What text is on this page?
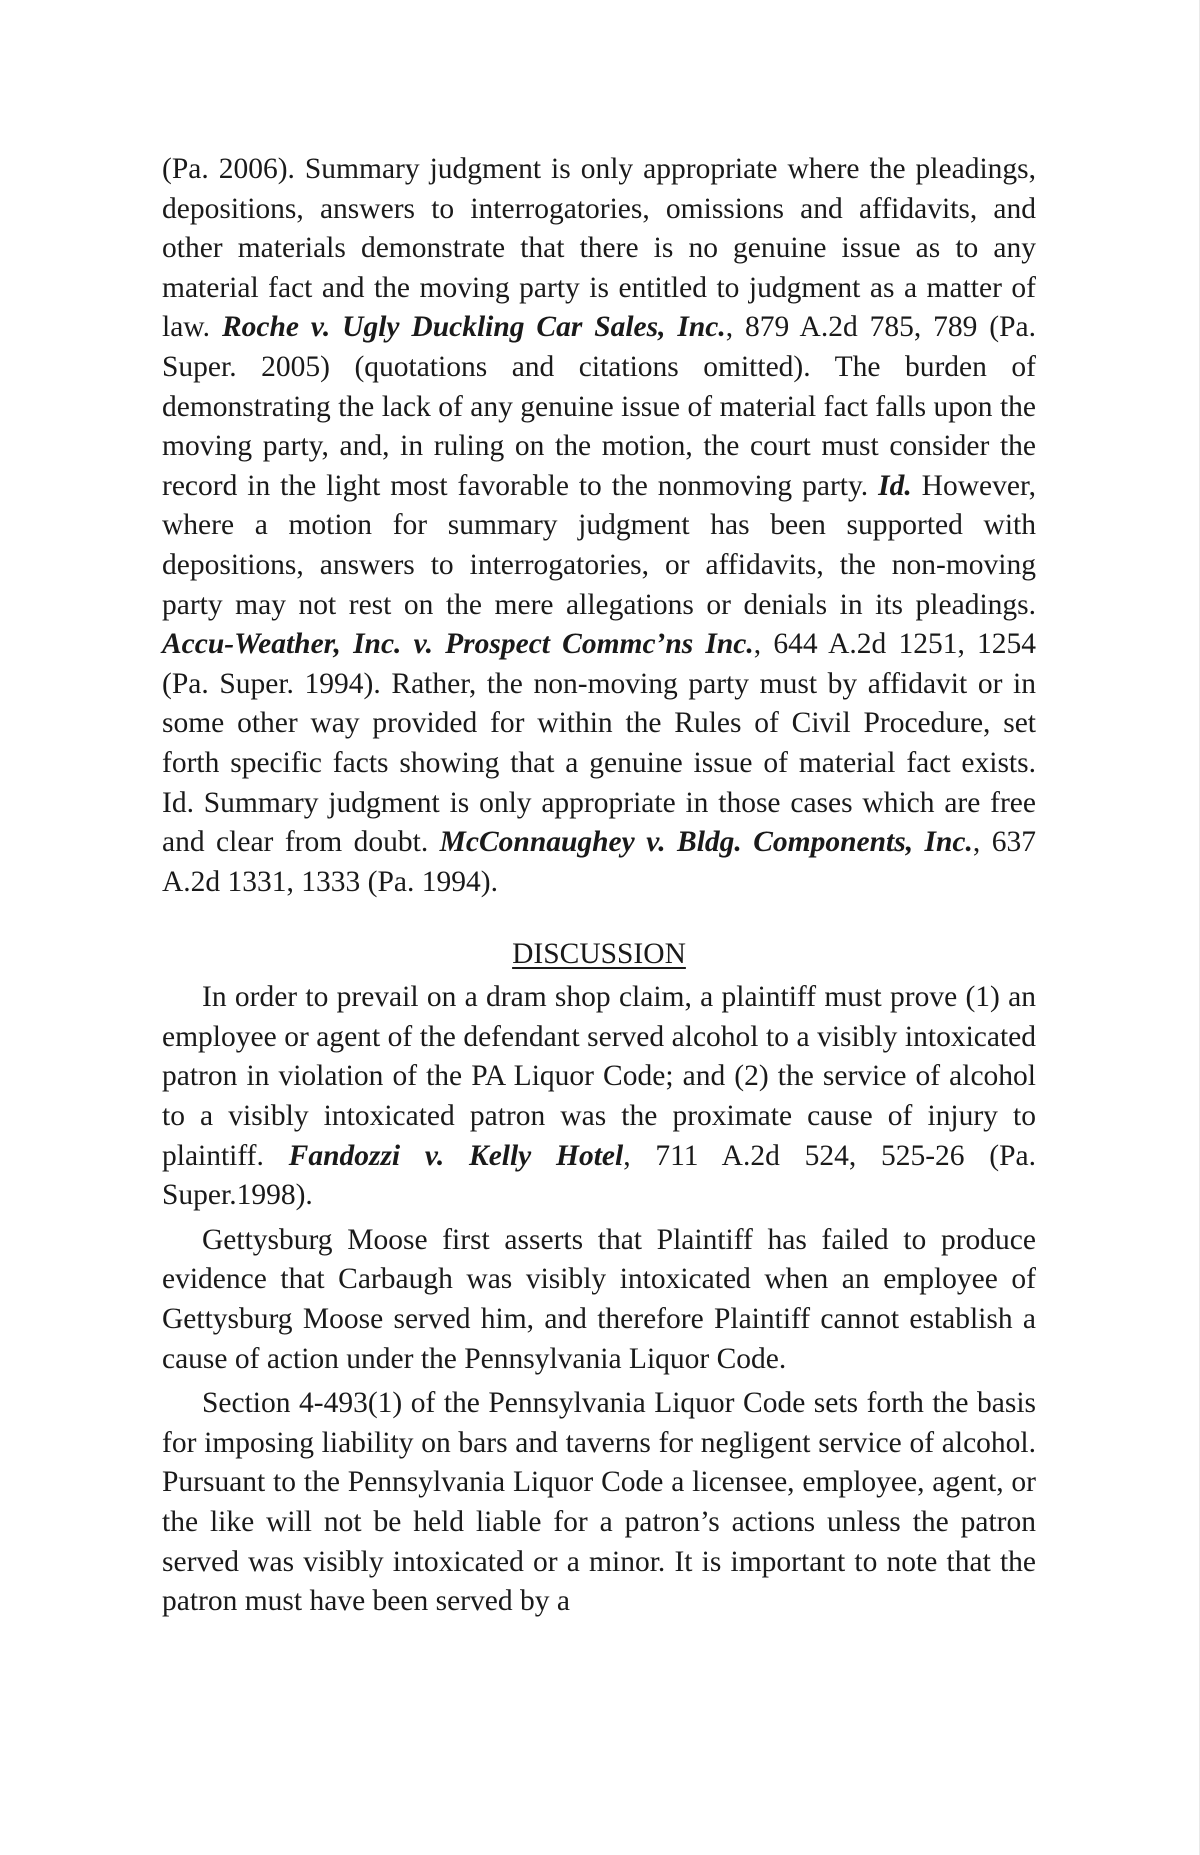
(Pa. 2006). Summary judgment is only appropriate where the pleadings, depositions, answers to interrogatories, omissions and affidavits, and other materials demonstrate that there is no genuine issue as to any material fact and the moving party is entitled to judgment as a matter of law. Roche v. Ugly Duckling Car Sales, Inc., 879 A.2d 785, 789 (Pa. Super. 2005) (quotations and citations omitted). The burden of demonstrating the lack of any genuine issue of material fact falls upon the moving party, and, in ruling on the motion, the court must consider the record in the light most favorable to the nonmoving party. Id. However, where a motion for summary judgment has been supported with depositions, answers to interrogatories, or affidavits, the non-moving party may not rest on the mere allegations or denials in its pleadings. Accu-Weather, Inc. v. Prospect Commc’ns Inc., 644 A.2d 1251, 1254 (Pa. Super. 1994). Rather, the non-moving party must by affidavit or in some other way provided for within the Rules of Civil Procedure, set forth specific facts showing that a genuine issue of material fact exists. Id. Summary judgment is only appropriate in those cases which are free and clear from doubt. McConnaughey v. Bldg. Components, Inc., 637 A.2d 1331, 1333 (Pa. 1994).

DISCUSSION

In order to prevail on a dram shop claim, a plaintiff must prove (1) an employee or agent of the defendant served alcohol to a visibly intoxicated patron in violation of the PA Liquor Code; and (2) the service of alcohol to a visibly intoxicated patron was the proximate cause of injury to plaintiff. Fandozzi v. Kelly Hotel, 711 A.2d 524, 525-26 (Pa. Super.1998).

Gettysburg Moose first asserts that Plaintiff has failed to produce evidence that Carbaugh was visibly intoxicated when an employee of Gettysburg Moose served him, and therefore Plaintiff cannot establish a cause of action under the Pennsylvania Liquor Code.

Section 4-493(1) of the Pennsylvania Liquor Code sets forth the basis for imposing liability on bars and taverns for negligent service of alcohol. Pursuant to the Pennsylvania Liquor Code a licensee, employee, agent, or the like will not be held liable for a patron’s actions unless the patron served was visibly intoxicated or a minor. It is important to note that the patron must have been served by a
